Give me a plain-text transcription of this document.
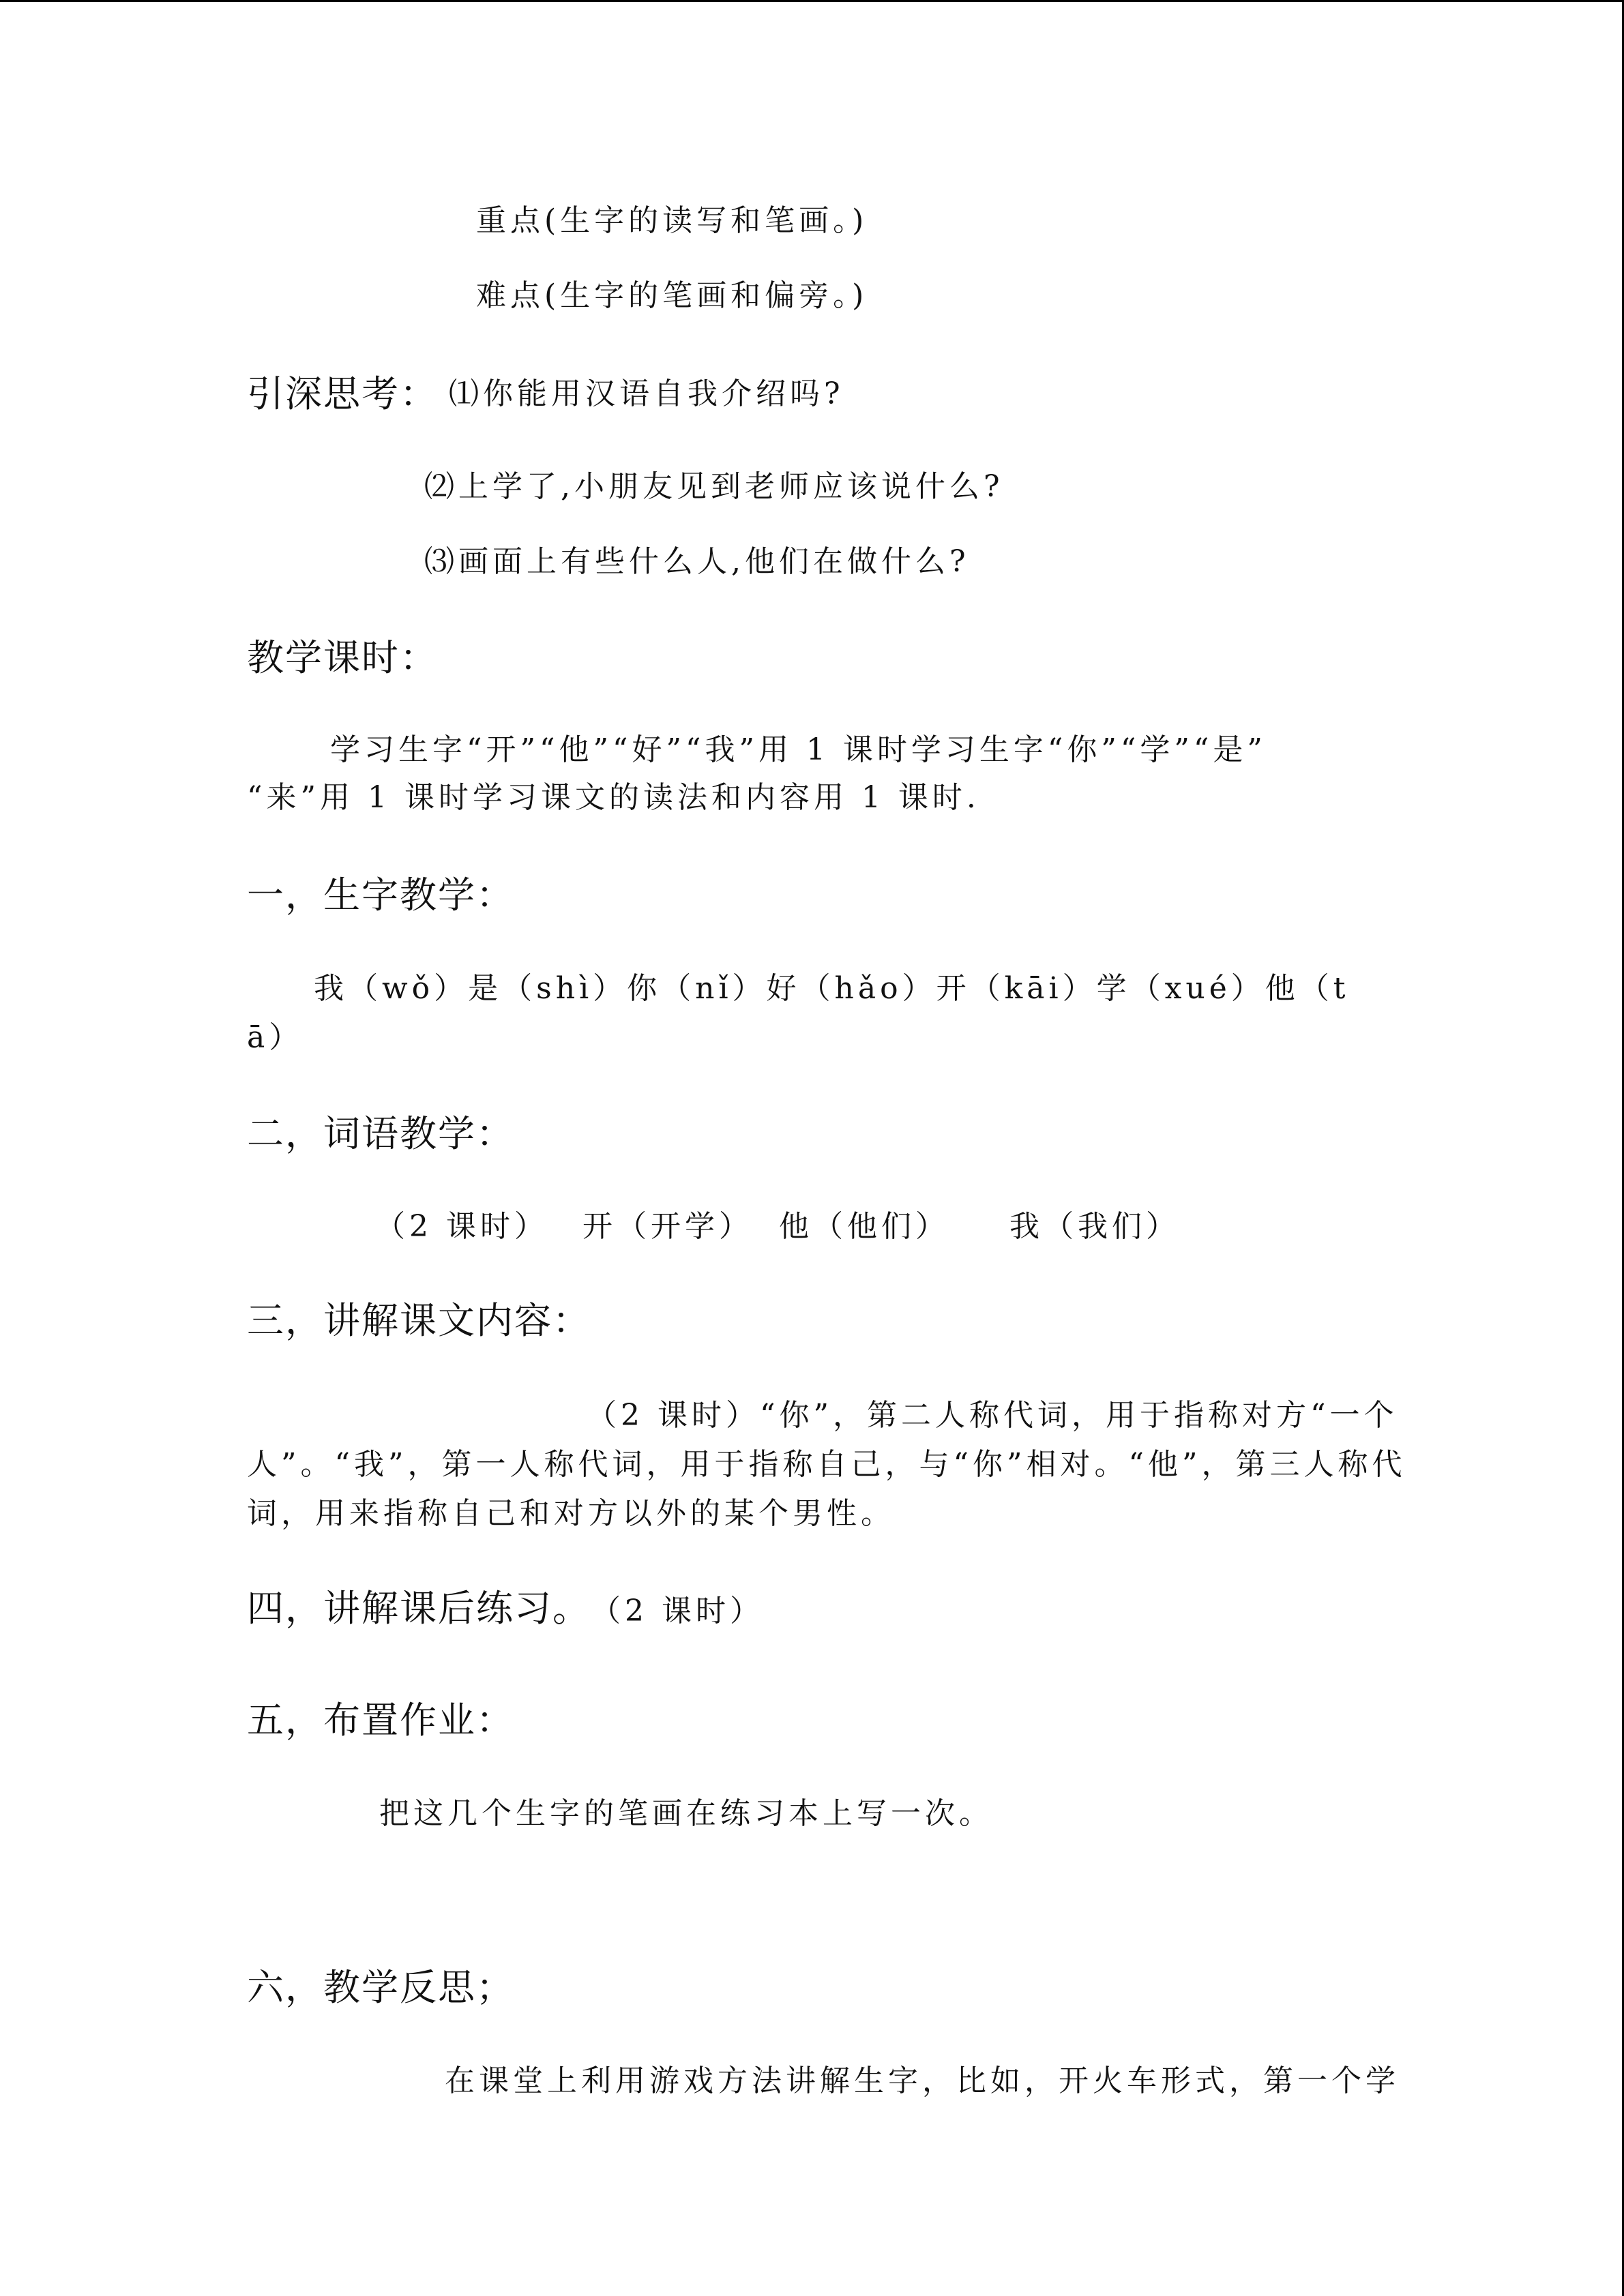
重点(生字的读写和笔画。)
难点(生字的笔画和偏旁。)
引深思考： ⑴你能用汉语自我介绍吗?
⑵上学了,小朋友见到老师应该说什么?
⑶画面上有些什么人,他们在做什么?
教学课时：
学习生字“开”“他”“好”“我”用 1 课时学习生字“你”“学”“是”
“来”用 1 课时学习课文的读法和内容用 1 课时.
一，生字教学：
我（wǒ）是（shì）你（nǐ）好（hǎo）开（kāi）学（xué）他（t
ā）
二，词语教学：
（2 课时） 开（开学） 他（他们） 我（我们）
三，讲解课文内容：
（2 课时）“你”，第二人称代词，用于指称对方“一个
人”。“我”，第一人称代词，用于指称自己，与“你”相对。“他”，第三人称代
词，用来指称自己和对方以外的某个男性。
四，讲解课后练习。（2 课时）
五，布置作业：
把这几个生字的笔画在练习本上写一次。
六，教学反思；
在课堂上利用游戏方法讲解生字，比如，开火车形式，第一个学
